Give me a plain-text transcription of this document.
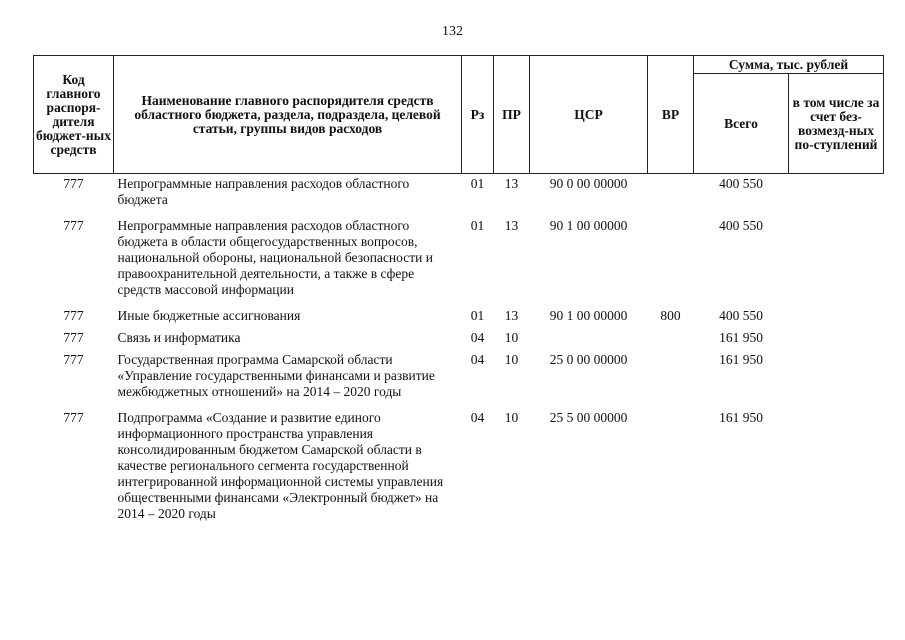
132
Код главного распоря-дителя бюджет-ных средств	Наименование главного распорядителя средств областного бюджета, раздела, подраздела, целевой статьи, группы видов расходов	Рз	ПР	ЦСР	ВР	Сумма, тыс. рублей	
						Всего	в том числе за счет без-возмезд-ных по-ступлений
777	Непрограммные направления расходов областного бюджета	01	13	90 0 00 00000		400 550	
777	Непрограммные направления расходов областного бюджета в области общегосударственных вопросов, национальной обороны, национальной безопасности и правоохранительной деятельности, а также в сфере средств массовой информации	01	13	90 1 00 00000		400 550	
777	Иные бюджетные ассигнования	01	13	90 1 00 00000	800	400 550	
777	Связь и информатика	04	10			161 950	
777	Государственная программа Самарской области «Управление государственными финансами и развитие межбюджетных отношений» на 2014 – 2020 годы	04	10	25 0 00 00000		161 950	
777	Подпрограмма «Создание и развитие единого информационного пространства управления консолидированным бюджетом Самарской области в качестве регионального сегмента государственной интегрированной информационной системы управления общественными финансами «Электронный бюджет» на 2014 – 2020 годы	04	10	25 5 00 00000		161 950	
